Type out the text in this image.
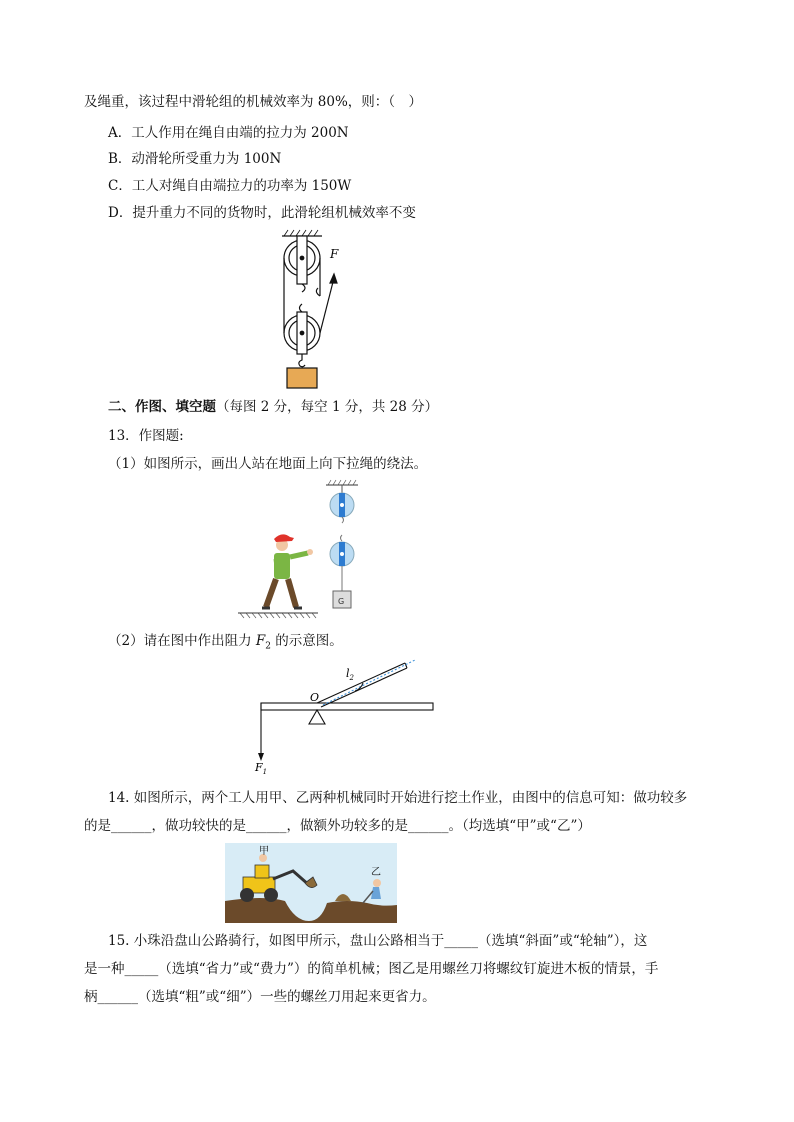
及绳重，该过程中滑轮组的机械效率为 80%，则：（　）
A．工人作用在绳自由端的拉力为 200N
B．动滑轮所受重力为 100N
C．工人对绳自由端拉力的功率为 150W
D．提升重力不同的货物时，此滑轮组机械效率不变
F
二、作图、填空题（每图 2 分，每空 1 分，共 28 分）
13．作图题:
（1）如图所示，画出人站在地面上向下拉绳的绕法。
G
（2）请在图中作出阻力 $F_2$ 的示意图。
O
$l_2$
$F_1$
14. 如图所示，两个工人用甲、乙两种机械同时开始进行挖土作业，由图中的信息可知：做功较多
的是______，做功较快的是______，做额外功较多的是______。（均选填“甲”或“乙”）
甲
乙
15. 小珠沿盘山公路骑行，如图甲所示，盘山公路相当于_____（选填“斜面”或“轮轴”），这
是一种_____（选填“省力”或“费力”）的简单机械；图乙是用螺丝刀将螺纹钉旋进木板的情景，手
柄______（选填“粗”或“细”）一些的螺丝刀用起来更省力。
